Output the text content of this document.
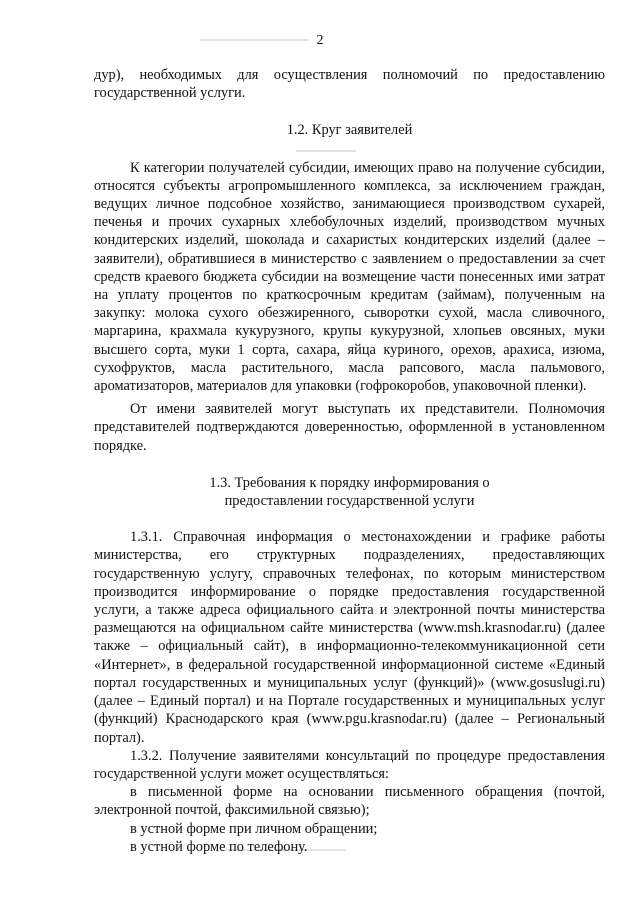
2

дур), необходимых для осуществления полномочий по предоставлению государственной услуги.

1.2. Круг заявителей

К категории получателей субсидии, имеющих право на получение субсидии, относятся субъекты агропромышленного комплекса, за исключением граждан, ведущих личное подсобное хозяйство, занимающиеся производством сухарей, печенья и прочих сухарных хлебобулочных изделий, производством мучных кондитерских изделий, шоколада и сахаристых кондитерских изделий (далее – заявители), обратившиеся в министерство с заявлением о предоставлении за счет средств краевого бюджета субсидии на возмещение части понесенных ими затрат на уплату процентов по краткосрочным кредитам (займам), полученным на закупку: молока сухого обезжиренного, сыворотки сухой, масла сливочного, маргарина, крахмала кукурузного, крупы кукурузной, хлопьев овсяных, муки высшего сорта, муки 1 сорта, сахара, яйца куриного, орехов, арахиса, изюма, сухофруктов, масла растительного, масла рапсового, масла пальмового, ароматизаторов, материалов для упаковки (гофрокоробов, упаковочной пленки).

От имени заявителей могут выступать их представители. Полномочия представителей подтверждаются доверенностью, оформленной в установленном порядке.

1.3. Требования к порядку информирования о

предоставлении государственной услуги

1.3.1. Справочная информация о местонахождении и графике работы министерства, его структурных подразделениях, предоставляющих государственную услугу, справочных телефонах, по которым министерством производится информирование о порядке предоставления государственной услуги, а также адреса официального сайта и электронной почты министерства размещаются на официальном сайте министерства (www.msh.krasnodar.ru) (далее также – официальный сайт), в информационно-телекоммуникационной сети «Интернет», в федеральной государственной информационной системе «Единый портал государственных и муниципальных услуг (функций)» (www.gosuslugi.ru) (далее – Единый портал) и на Портале государственных и муниципальных услуг (функций) Краснодарского края (www.pgu.krasnodar.ru) (далее – Региональный портал).

1.3.2. Получение заявителями консультаций по процедуре предоставления государственной услуги может осуществляться:

в письменной форме на основании письменного обращения (почтой, электронной почтой, факсимильной связью);

в устной форме при личном обращении;

в устной форме по телефону.
